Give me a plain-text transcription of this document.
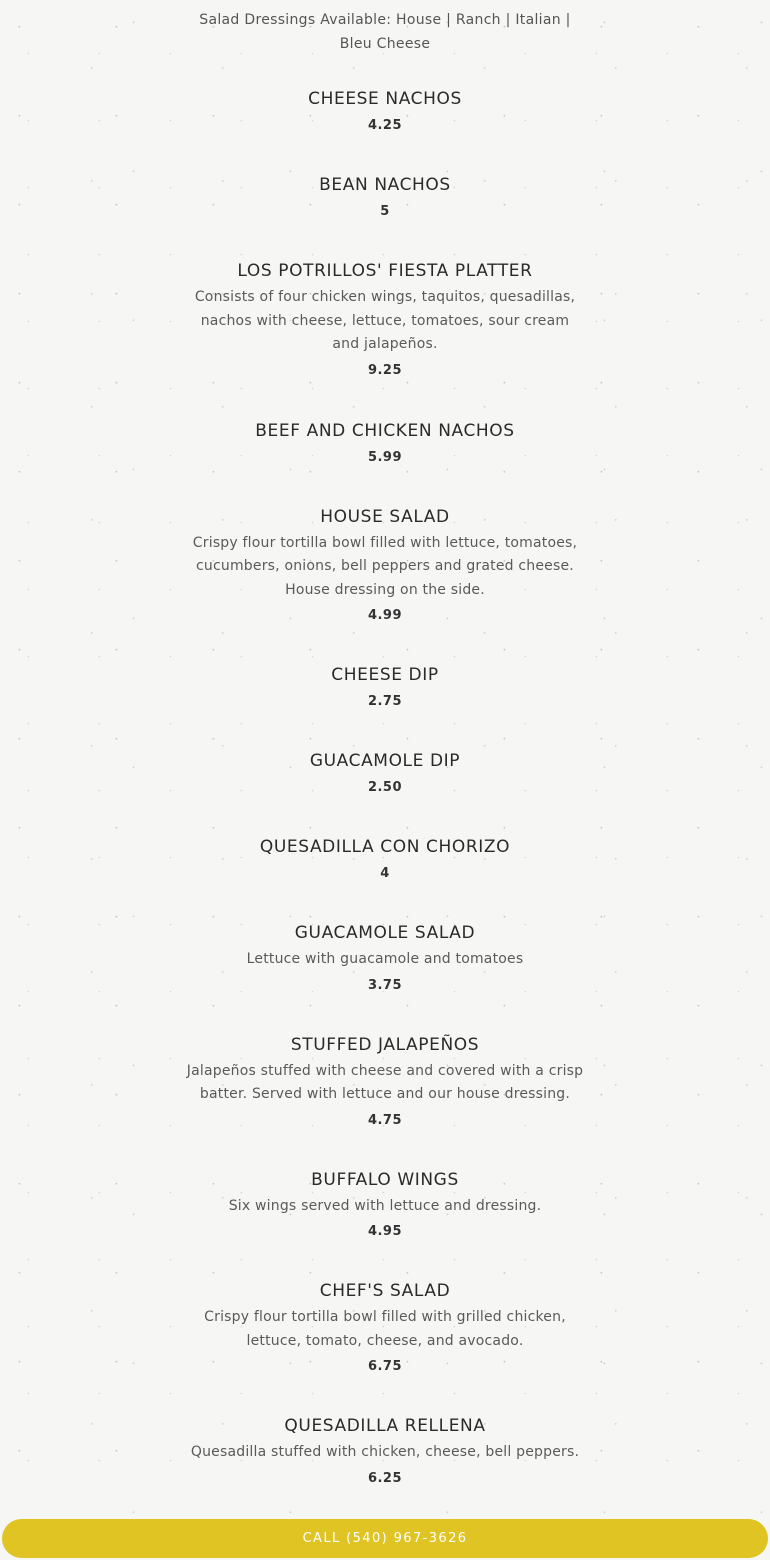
Salad Dressings Available: House | Ranch | Italian | Bleu Cheese
CHEESE NACHOS
4.25
BEAN NACHOS
5
LOS POTRILLOS' FIESTA PLATTER
Consists of four chicken wings, taquitos, quesadillas, nachos with cheese, lettuce, tomatoes, sour cream and jalapeños.
9.25
BEEF AND CHICKEN NACHOS
5.99
HOUSE SALAD
Crispy flour tortilla bowl filled with lettuce, tomatoes, cucumbers, onions, bell peppers and grated cheese. House dressing on the side.
4.99
CHEESE DIP
2.75
GUACAMOLE DIP
2.50
QUESADILLA CON CHORIZO
4
GUACAMOLE SALAD
Lettuce with guacamole and tomatoes
3.75
STUFFED JALAPEÑOS
Jalapeños stuffed with cheese and covered with a crisp batter. Served with lettuce and our house dressing.
4.75
BUFFALO WINGS
Six wings served with lettuce and dressing.
4.95
CHEF'S SALAD
Crispy flour tortilla bowl filled with grilled chicken, lettuce, tomato, cheese, and avocado.
6.75
QUESADILLA RELLENA
Quesadilla stuffed with chicken, cheese, bell peppers.
6.25
CALL (540) 967-3626
